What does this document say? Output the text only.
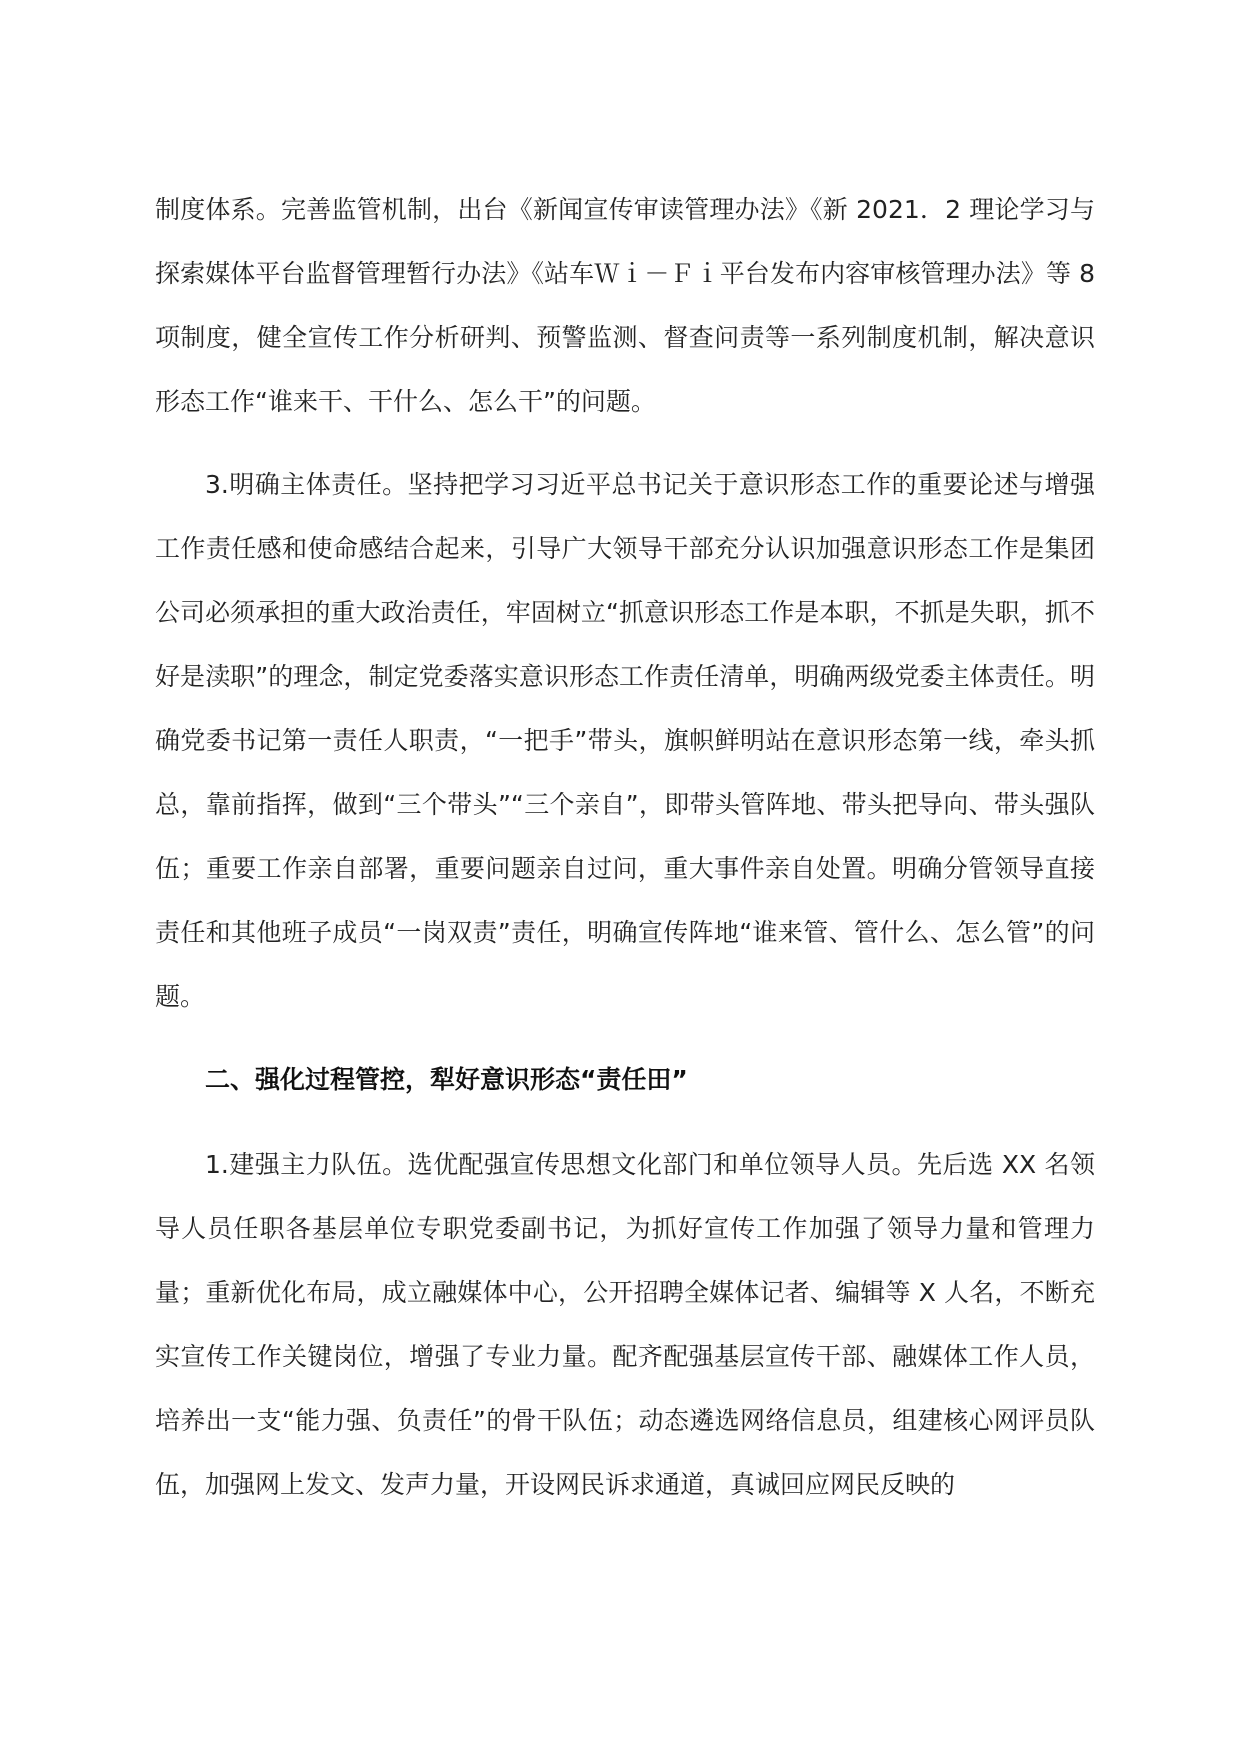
制度体系。完善监管机制，出台《新闻宣传审读管理办法》《新 2021．2 理论学习与探索媒体平台监督管理暂行办法》《站车Ｗｉ－Ｆｉ平台发布内容审核管理办法》等 8 项制度，健全宣传工作分析研判、预警监测、督查问责等一系列制度机制，解决意识形态工作“谁来干、干什么、怎么干”的问题。

3.明确主体责任。坚持把学习习近平总书记关于意识形态工作的重要论述与增强工作责任感和使命感结合起来，引导广大领导干部充分认识加强意识形态工作是集团公司必须承担的重大政治责任，牢固树立“抓意识形态工作是本职，不抓是失职，抓不好是渎职”的理念，制定党委落实意识形态工作责任清单，明确两级党委主体责任。明确党委书记第一责任人职责，“一把手”带头，旗帜鲜明站在意识形态第一线，牵头抓总，靠前指挥，做到“三个带头”“三个亲自”，即带头管阵地、带头把导向、带头强队伍；重要工作亲自部署，重要问题亲自过问，重大事件亲自处置。明确分管领导直接责任和其他班子成员“一岗双责”责任，明确宣传阵地“谁来管、管什么、怎么管”的问题。

二、强化过程管控，犁好意识形态“责任田”

1.建强主力队伍。选优配强宣传思想文化部门和单位领导人员。先后选 XX 名领导人员任职各基层单位专职党委副书记，为抓好宣传工作加强了领导力量和管理力量；重新优化布局，成立融媒体中心，公开招聘全媒体记者、编辑等 X 人名，不断充实宣传工作关键岗位，增强了专业力量。配齐配强基层宣传干部、融媒体工作人员，培养出一支“能力强、负责任”的骨干队伍；动态遴选网络信息员，组建核心网评员队伍，加强网上发文、发声力量，开设网民诉求通道，真诚回应网民反映的
